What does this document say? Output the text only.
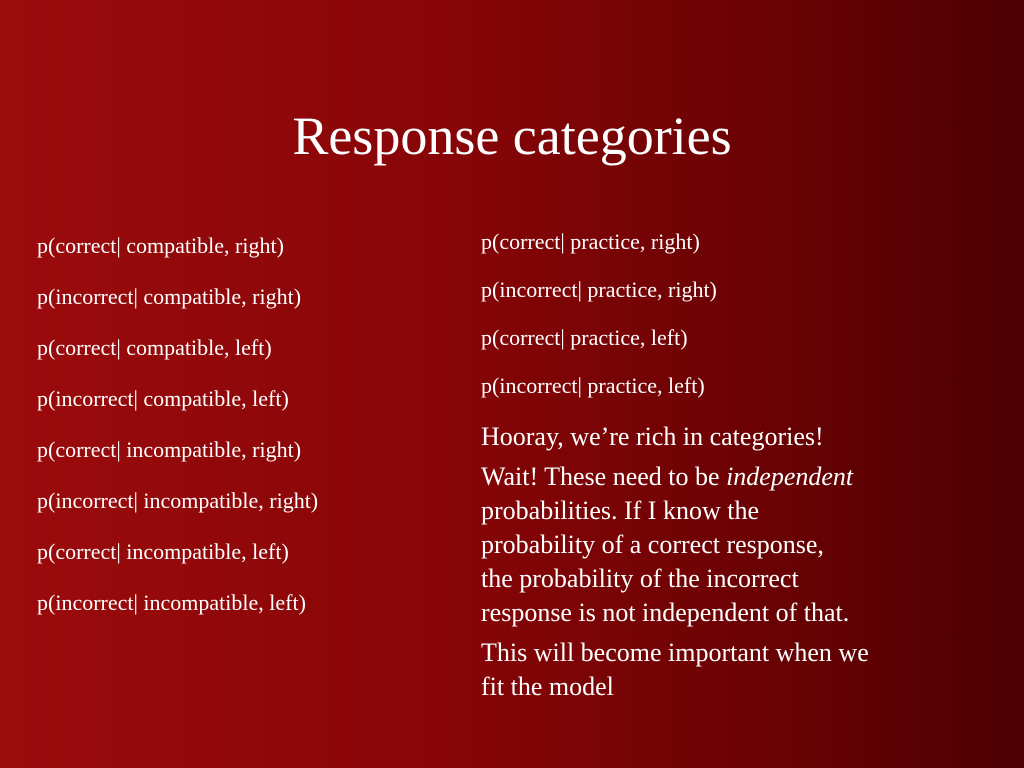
Response categories
p(correct| compatible, right)
p(incorrect| compatible, right)
p(correct| compatible, left)
p(incorrect| compatible, left)
p(correct| incompatible, right)
p(incorrect| incompatible, right)
p(correct| incompatible, left)
p(incorrect| incompatible, left)
p(correct| practice, right)
p(incorrect| practice, right)
p(correct| practice, left)
p(incorrect| practice, left)
Hooray, we’re rich in categories!
Wait! These need to be independent
probabilities. If I know the
probability of a correct response,
the probability of the incorrect
response is not independent of that.
This will become important when we
fit the model
